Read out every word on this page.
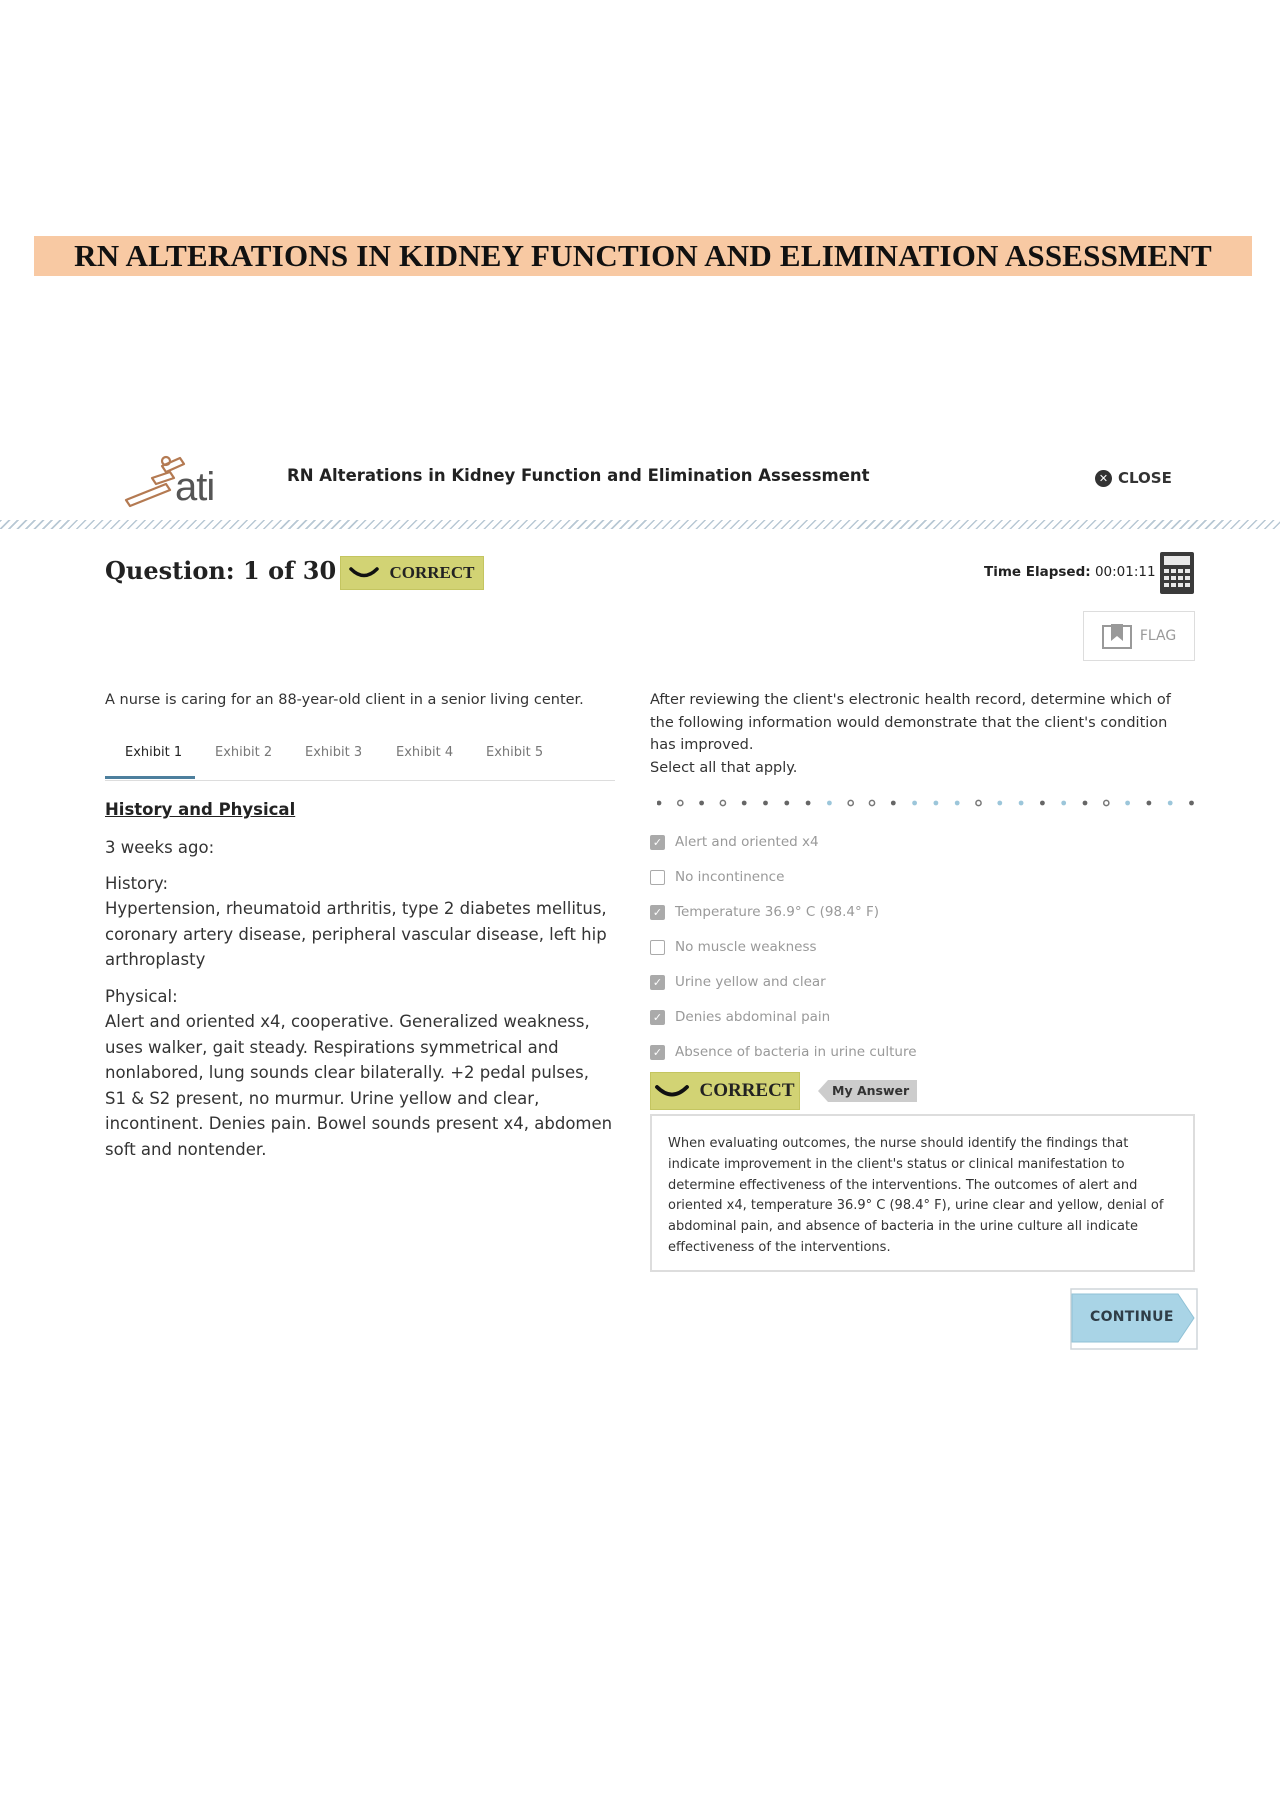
RN ALTERATIONS IN KIDNEY FUNCTION AND ELIMINATION ASSESSMENT
ati	RN Alterations in Kidney Function and Elimination Assessment	✕ CLOSE
Question: 1 of 30	CORRECT	Time Elapsed: 00:01:11
FLAG
A nurse is caring for an 88-year-old client in a senior living center.
Exhibit 1	Exhibit 2	Exhibit 3	Exhibit 4	Exhibit 5
History and Physical
3 weeks ago:
History:
Hypertension, rheumatoid arthritis, type 2 diabetes mellitus, coronary artery disease, peripheral vascular disease, left hip arthroplasty
Physical:
Alert and oriented x4, cooperative. Generalized weakness, uses walker, gait steady. Respirations symmetrical and nonlabored, lung sounds clear bilaterally. +2 pedal pulses, S1 & S2 present, no murmur. Urine yellow and clear, incontinent. Denies pain. Bowel sounds present x4, abdomen soft and nontender.
After reviewing the client's electronic health record, determine which of the following information would demonstrate that the client's condition has improved.
Select all that apply.
✓ Alert and oriented x4
No incontinence
✓ Temperature 36.9° C (98.4° F)
No muscle weakness
✓ Urine yellow and clear
✓ Denies abdominal pain
✓ Absence of bacteria in urine culture
CORRECT	My Answer
When evaluating outcomes, the nurse should identify the findings that indicate improvement in the client's status or clinical manifestation to determine effectiveness of the interventions. The outcomes of alert and oriented x4, temperature 36.9° C (98.4° F), urine clear and yellow, denial of abdominal pain, and absence of bacteria in the urine culture all indicate effectiveness of the interventions.
CONTINUE
